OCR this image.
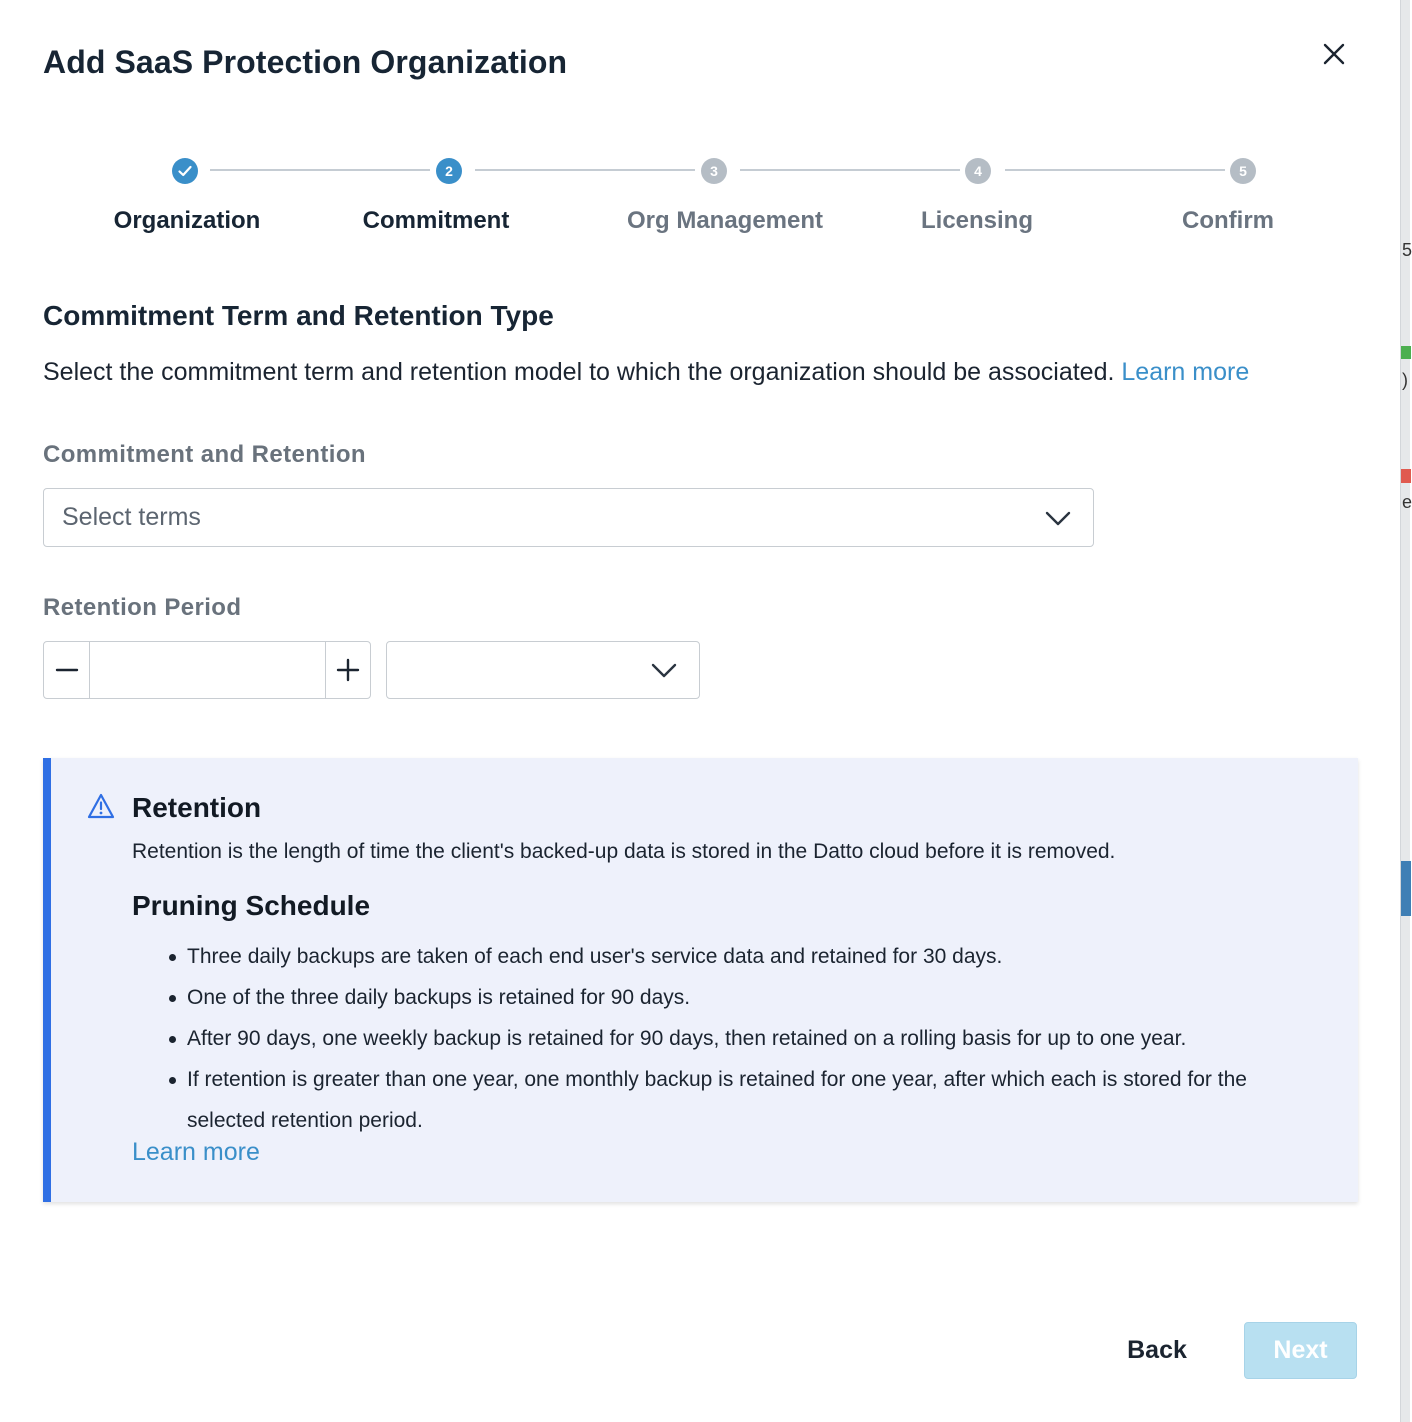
5
)
e
Add SaaS Protection Organization
2	3	4	5
Organization	Commitment	Org Management	Licensing	Confirm
Commitment Term and Retention Type

Select the commitment term and retention model to which the organization should be associated. Learn more

Commitment and Retention
Select terms
Retention Period
Retention

Retention is the length of time the client's backed-up data is stored in the Datto cloud before it is removed.

Pruning Schedule
Three daily backups are taken of each end user's service data and retained for 30 days.
One of the three daily backups is retained for 90 days.
After 90 days, one weekly backup is retained for 90 days, then retained on a rolling basis for up to one year.
If retention is greater than one year, one monthly backup is retained for one year, after which each is stored for the selected retention period.
Learn more
Back	Next
